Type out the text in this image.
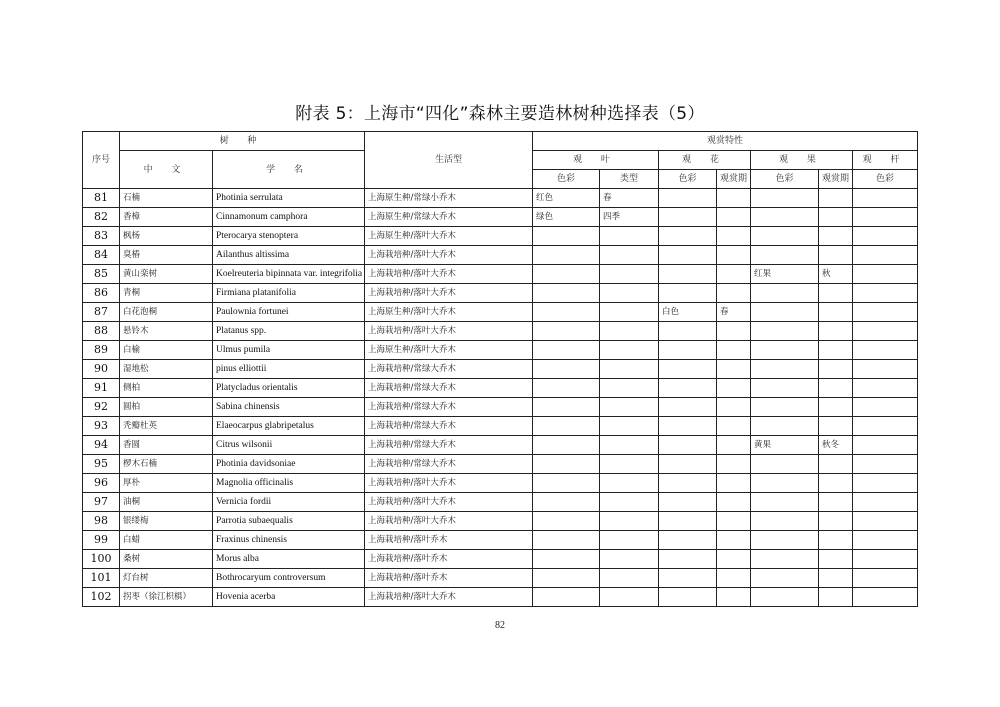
附表 5：上海市“四化”森林主要造林树种选择表（5）
序号	树 种		生活型	观赏特性						
	中 文	学 名		观 叶		观 花		观 果		观 杆
				色彩	类型	色彩	观赏期	色彩	观赏期	色彩
81	石楠	Photinia serrulata	上海原生种/常绿小乔木	红色	春					
82	香樟	Cinnamonum camphora	上海原生种/常绿大乔木	绿色	四季					
83	枫杨	Pterocarya stenoptera	上海原生种/落叶大乔木							
84	臭椿	Ailanthus altissima	上海栽培种/落叶大乔木							
85	黄山栾树	Koelreuteria bipinnata var. integrifolia	上海栽培种/落叶大乔木					红果	秋	
86	青桐	Firmiana platanifolia	上海栽培种/落叶大乔木							
87	白花泡桐	Paulownia fortunei	上海原生种/落叶大乔木			白色	春			
88	悬铃木	Platanus spp.	上海栽培种/落叶大乔木							
89	白榆	Ulmus pumila	上海原生种/落叶大乔木							
90	湿地松	pinus elliottii	上海栽培种/常绿大乔木							
91	侧柏	Platycladus orientalis	上海栽培种/常绿大乔木							
92	圆柏	Sabina chinensis	上海栽培种/常绿大乔木							
93	秃瓣杜英	Elaeocarpus glabripetalus	上海栽培种/常绿大乔木							
94	香圆	Citrus wilsonii	上海栽培种/常绿大乔木					黄果	秋冬	
95	椤木石楠	Photinia davidsoniae	上海栽培种/常绿大乔木							
96	厚朴	Magnolia officinalis	上海栽培种/落叶大乔木							
97	油桐	Vernicia fordii	上海栽培种/落叶大乔木							
98	银缕梅	Parrotia subaequalis	上海栽培种/落叶大乔木							
99	白蜡	Fraxinus chinensis	上海栽培种/落叶乔木							
100	桑树	Morus alba	上海栽培种/落叶乔木							
101	灯台树	Bothrocaryum controversum	上海栽培种/落叶乔木							
102	拐枣（徐江枳椇）	Hovenia acerba	上海栽培种/落叶大乔木							
82
